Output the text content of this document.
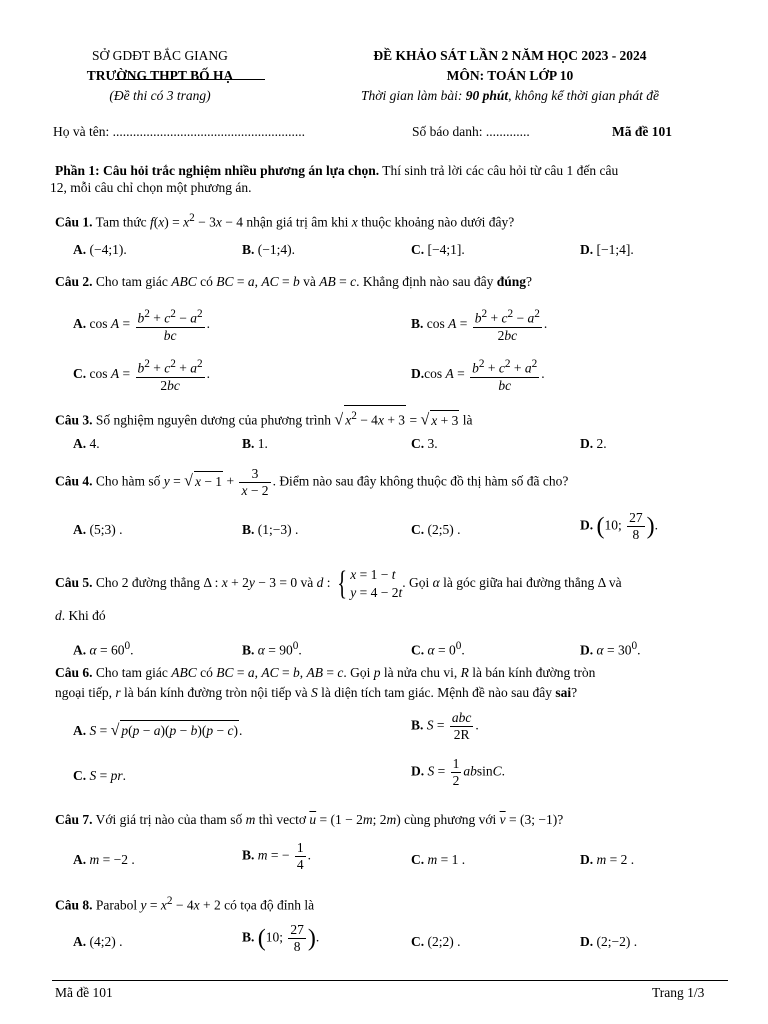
SỞ GDĐT BẮC GIANG
TRƯỜNG THPT BỐ HẠ
(Đề thi có 3 trang)
ĐỀ KHẢO SÁT LẦN 2 NĂM HỌC 2023 - 2024
MÔN: TOÁN LỚP 10
Thời gian làm bài: 90 phút, không kể thời gian phát đề
Họ và tên: .........................................................	Số báo danh: .............	Mã đề 101
Phần 1: Câu hỏi trắc nghiệm nhiều phương án lựa chọn. Thí sinh trả lời các câu hỏi từ câu 1 đến câu
12, mỗi câu chỉ chọn một phương án.
Câu 1. Tam thức $f(x) = x^2 - 3x - 4$ nhận giá trị âm khi x thuộc khoảng nào dưới đây?
A. (−4;1).	B. (−1;4).	C. [−4;1].	D. [−1;4].
Câu 2. Cho tam giác ABC có BC = a, AC = b và AB = c. Khẳng định nào sau đây đúng?
A. $\cos A = \frac{b^2 + c^2 - a^2}{bc}$ .	B. $\cos A = \frac{b^2 + c^2 - a^2}{2bc}$ .
C. $\cos A = \frac{b^2 + c^2 + a^2}{2bc}$ .	D.cos $A = \frac{b^2 + c^2 + a^2}{bc}$ .
Câu 3. Số nghiệm nguyên dương của phương trình √ $x^2 - 4x + 3$ = √ x + 3 là
A. 4.	B. 1.	C. 3.	D. 2.
Câu 4. Cho hàm số y = √ $x - 1 + \frac{3}{x - 2}$ . Điểm nào sau đây không thuộc đồ thị hàm số đã cho?
A. (5;3) .	B. (1;−3) .	C. (2;5) .	D. (10; $\frac{27}{8}$ ).
Câu 5. Cho 2 đường thẳng Δ : x + 2y − 3 = 0 và d : { x = 1 − t
y = 4 − 2t
. Gọi α là góc giữa hai đường thẳng Δ và
d. Khi đó
A. $\alpha = 60^0$.	B. $\alpha = 90^0$.	C. $\alpha = 0^0$.	D. $\alpha = 30^0$.
Câu 6. Cho tam giác ABC có BC = a, AC = b, AB = c. Gọi p là nửa chu vi, R là bán kính đường tròn
ngoại tiếp, r là bán kính đường tròn nội tiếp và S là diện tích tam giác. Mệnh đề nào sau đây sai?
A. S = √ p(p − a)(p − b)(p − c).	B. $S = \frac{\text{abc}}{2R}$ .
C. S = pr.	D. $S = \frac{1}{2} absinC$.
Câu 7. Với giá trị nào của tham số m thì vectơ $\overline{u} = (1 - 2m$; 2m) cùng phương với $\overline{v} = (3$; −1)?
A. m = −2 .	B. m = − $\frac{1}{4}$ .	C. m = 1 .	D. m = 2 .
Câu 8. Parabol $y = x^2 - 4x + 2$ có tọa độ đỉnh là
A. (4;2) .	B. (10; $\frac{27}{8}$ ).	C. (2;2) .	D. (2;−2) .
Mã đề 101	Trang 1/3
